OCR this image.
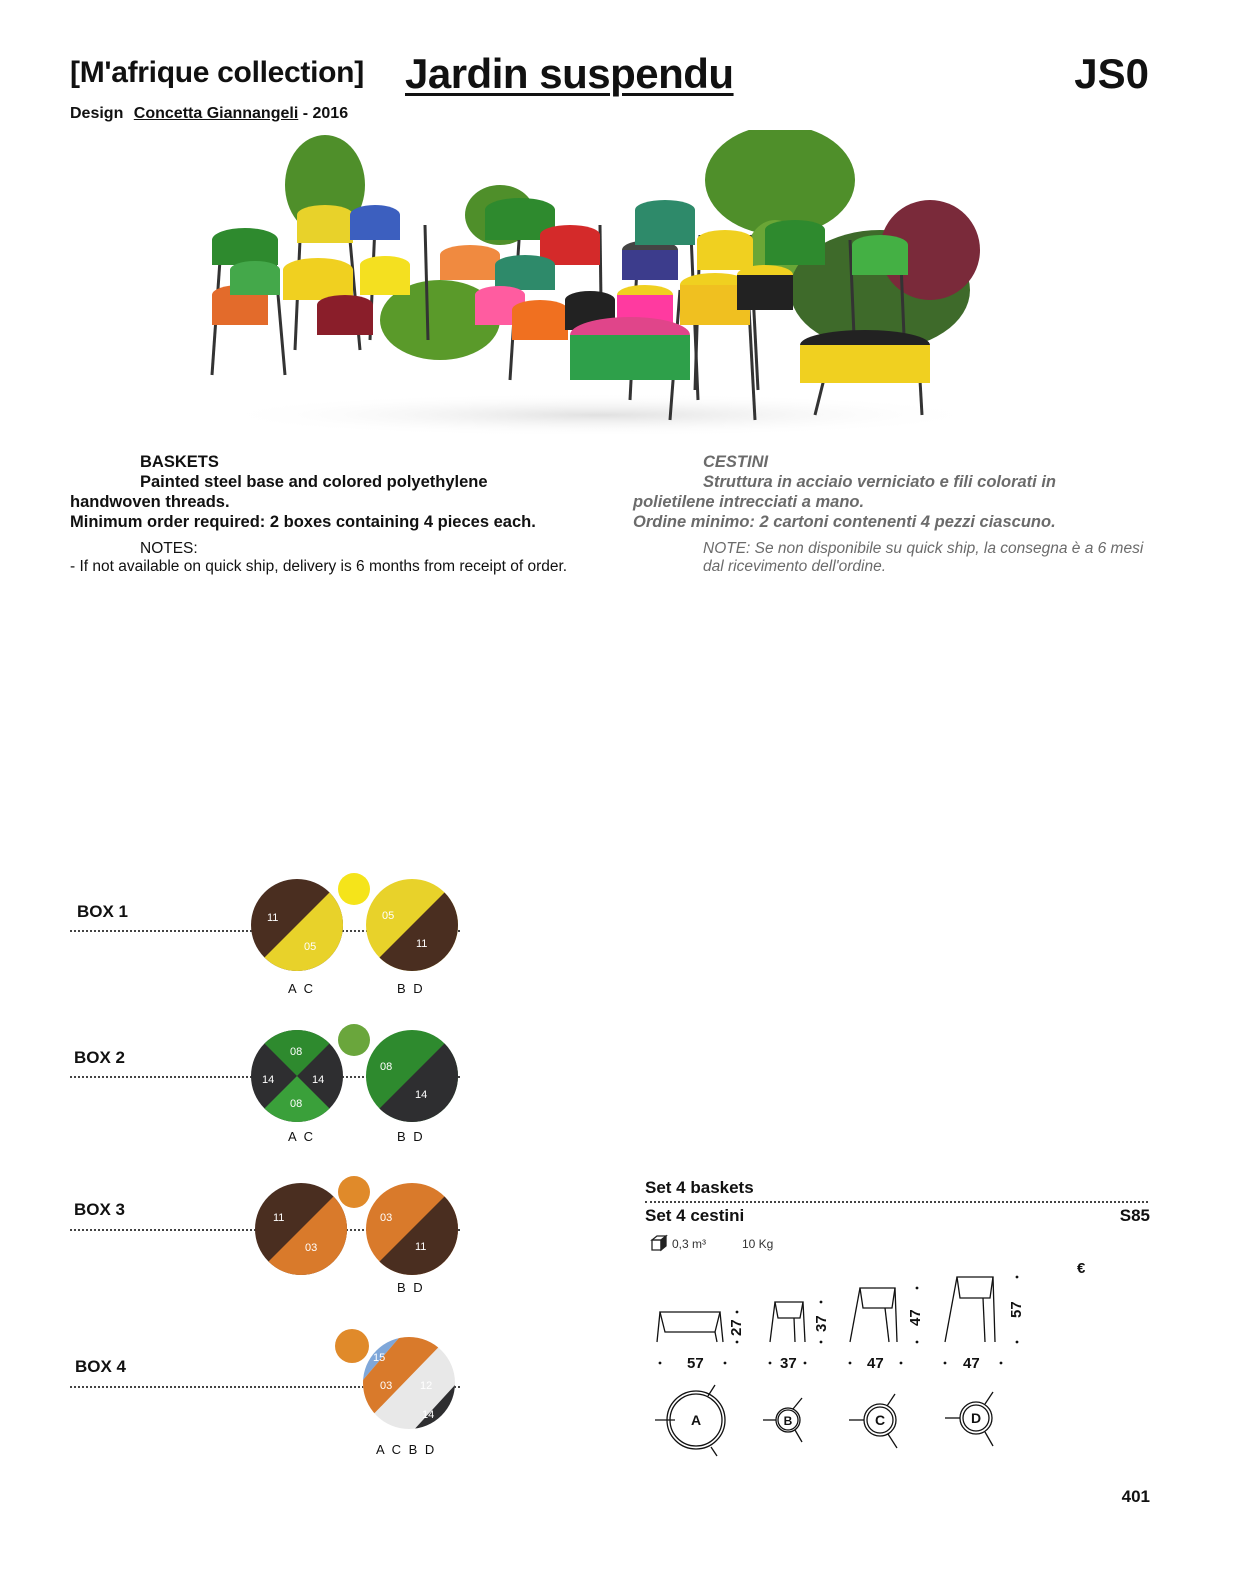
[M'afrique collection] Jardin suspendu	JS0
Design Concetta Giannangeli - 2016
BASKETS
Painted steel base and colored polyethylene
handwoven threads.
Minimum order required: 2 boxes containing 4 pieces each.
NOTES:
- If not available on quick ship, delivery is 6 months from receipt of order.
CESTINI
Struttura in acciaio verniciato e fili colorati in
polietilene intrecciati a mano.
Ordine minimo: 2 cartoni contenenti 4 pezzi ciascuno.
NOTE: Se non disponibile su quick ship, la consegna è a 6 mesi dal ricevimento dell'ordine.
BOX 1	11
05
05
11
A C	B D
BOX 2	08
14	14
08
08
14
A C	B D
BOX 3	11
03
03
11
B D
BOX 4	15
03	12
14
A C B D
Set 4 baskets
Set 4 cestini	S85
0,3 m³	10 Kg
€
57	37	47	47
27	37	47	57
A	B	C	D
401
